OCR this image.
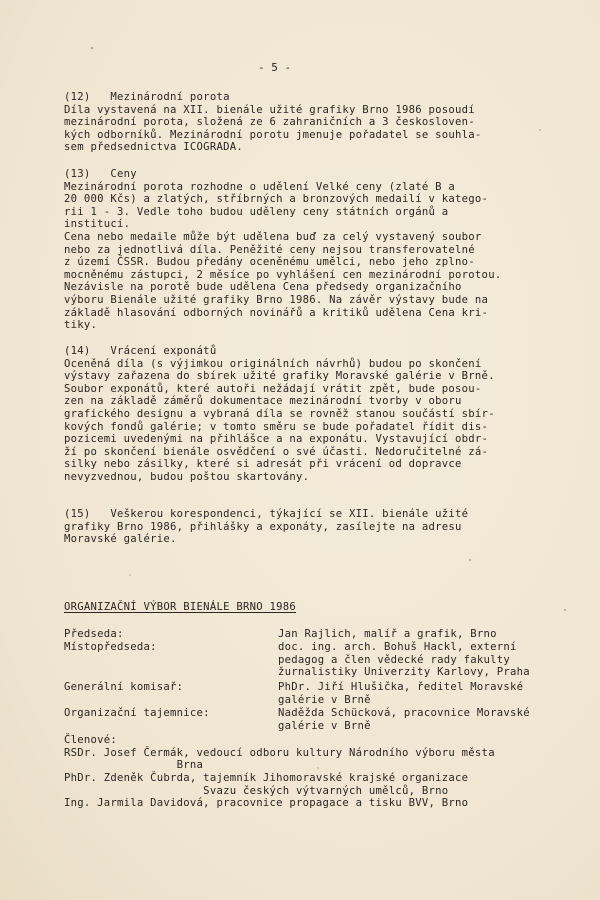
- 5 -
(12)   Mezinárodní porota
Díla vystavená na XII. bienále užité grafiky Brno 1986 posoudí
mezinárodní porota, složená ze 6 zahraničních a 3 českosloven-
kých odborníků. Mezinárodní porotu jmenuje pořadatel se souhla-
sem předsednictva ICOGRADA.
(13)   Ceny
Mezinárodní porota rozhodne o udělení Velké ceny (zlaté B a
20 000 Kčs) a zlatých, stříbrných a bronzových medailí v katego-
rii 1 - 3. Vedle toho budou uděleny ceny státních orgánů a
institucí.
Cena nebo medaile může být udělena buď za celý vystavený soubor
nebo za jednotlivá díla. Peněžité ceny nejsou transferovatelné
z území ČSSR. Budou předány oceněnému umělci, nebo jeho zplno-
mocněnému zástupci, 2 měsíce po vyhlášení cen mezinárodní porotou.
Nezávisle na porotě bude udělena Cena předsedy organizačního
výboru Bienále užité grafiky Brno 1986. Na závěr výstavy bude na
základě hlasování odborných novinářů a kritiků udělena Cena kri-
tiky.
(14)   Vrácení exponátů
Oceněná díla (s výjimkou originálních návrhů) budou po skončení
výstavy zařazena do sbírek užité grafiky Moravské galérie v Brně.
Soubor exponátů, které autoři nežádají vrátit zpět, bude posou-
zen na základě záměrů dokumentace mezinárodní tvorby v oboru
grafického designu a vybraná díla se rovněž stanou součástí sbír-
kových fondů galérie; v tomto směru se bude pořadatel řídit dis-
pozicemi uvedenými na přihlášce a na exponátu. Vystavující obdr-
ží po skončení bienále osvědčení o své účasti. Nedoručitelné zá-
silky nebo zásilky, které si adresát při vrácení od dopravce
nevyzvednou, budou poštou skartovány.
(15)   Veškerou korespondenci, týkající se XII. bienále užité
grafiky Brno 1986, přihlášky a exponáty, zasílejte na adresu
Moravské galérie.
ORGANIZAČNÍ VÝBOR BIENÁLE BRNO 1986
Předseda:	Jan Rajlich, malíř a grafik, Brno
Místopředseda:	doc. ing. arch. Bohuš Hackl, externí
pedagog a člen vědecké rady fakulty
žurnalistiky Univerzity Karlovy, Praha
Generální komisař:	PhDr. Jiří Hlušička, ředitel Moravské
galérie v Brně
Organizační tajemnice:	Naděžda Schücková, pracovnice Moravské
galérie v Brně
Členové:
RSDr. Josef Čermák, vedoucí odboru kultury Národního výboru města
Brna
PhDr. Zdeněk Čubrda, tajemník Jihomoravské krajské organizace
Svazu českých výtvarných umělců, Brno
Ing. Jarmila Davidová, pracovnice propagace a tisku BVV, Brno
